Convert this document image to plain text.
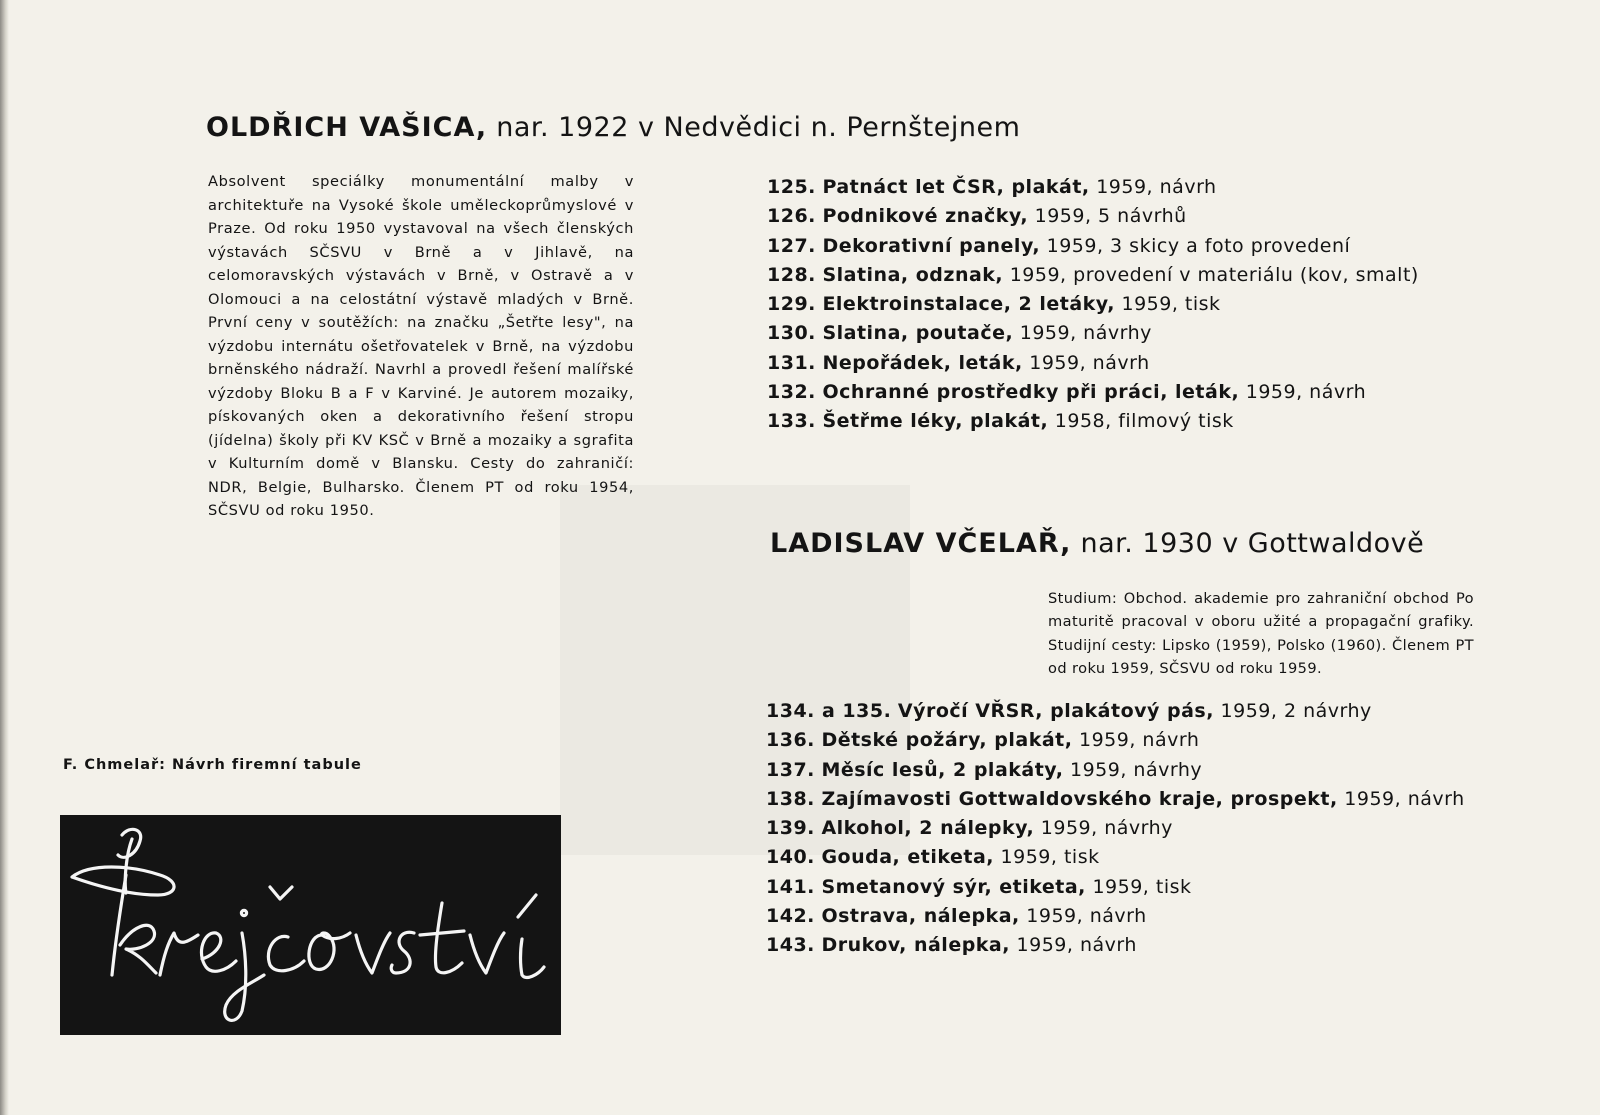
OLDŘICH VAŠICA, nar. 1922 v Nedvědici n. Pernštejnem
Absolvent speciálky monumentální malby v architektuře na Vysoké škole uměleckoprůmyslové v Praze. Od roku 1950 vystavoval na všech členských výstavách SČSVU v Brně a v Jihlavě, na celomoravských výstavách v Brně, v Ostravě a v Olomouci a na celostátní výstavě mladých v Brně. První ceny v soutěžích: na značku „Šetřte lesy", na výzdobu internátu ošetřovatelek v Brně, na výzdobu brněnského nádraží. Navrhl a provedl řešení malířské výzdoby Bloku B a F v Karviné. Je autorem mozaiky, pískovaných oken a dekorativního řešení stropu (jídelna) školy při KV KSČ v Brně a mozaiky a sgrafita v Kulturním domě v Blansku. Cesty do zahraničí: NDR, Belgie, Bulharsko. Členem PT od roku 1954, SČSVU od roku 1950.
125. Patnáct let ČSR, plakát, 1959, návrh
126. Podnikové značky, 1959, 5 návrhů
127. Dekorativní panely, 1959, 3 skicy a foto provedení
128. Slatina, odznak, 1959, provedení v materiálu (kov, smalt)
129. Elektroinstalace, 2 letáky, 1959, tisk
130. Slatina, poutače, 1959, návrhy
131. Nepořádek, leták, 1959, návrh
132. Ochranné prostředky při práci, leták, 1959, návrh
133. Šetřme léky, plakát, 1958, filmový tisk
LADISLAV VČELAŘ, nar. 1930 v Gottwaldově
Studium: Obchod. akademie pro zahraniční obchod Po maturitě pracoval v oboru užité a propagační grafiky. Studijní cesty: Lipsko (1959), Polsko (1960). Členem PT od roku 1959, SČSVU od roku 1959.
134. a 135. Výročí VŘSR, plakátový pás, 1959, 2 návrhy
136. Dětské požáry, plakát, 1959, návrh
137. Měsíc lesů, 2 plakáty, 1959, návrhy
138. Zajímavosti Gottwaldovského kraje, prospekt, 1959, návrh
139. Alkohol, 2 nálepky, 1959, návrhy
140. Gouda, etiketa, 1959, tisk
141. Smetanový sýr, etiketa, 1959, tisk
142. Ostrava, nálepka, 1959, návrh
143. Drukov, nálepka, 1959, návrh
F. Chmelař: Návrh firemní tabule
